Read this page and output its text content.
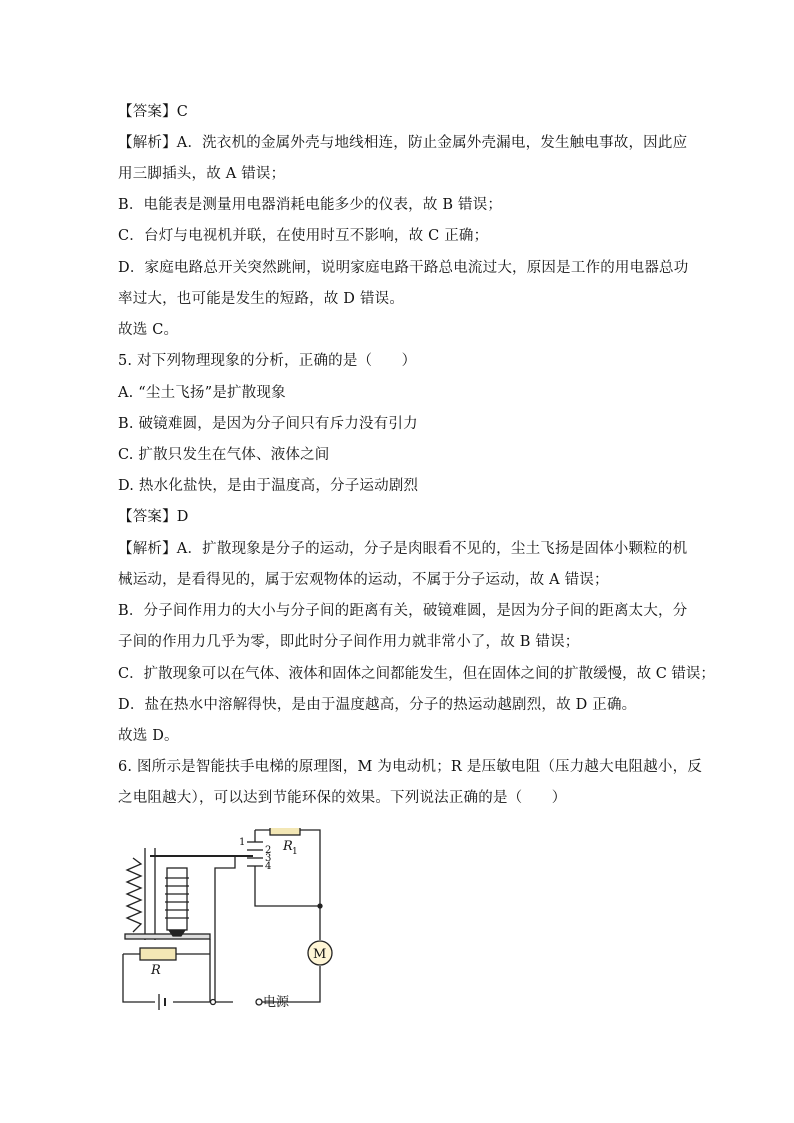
【答案】C
【解析】A．洗衣机的金属外壳与地线相连，防止金属外壳漏电，发生触电事故，因此应
用三脚插头，故 A 错误；
B．电能表是测量用电器消耗电能多少的仪表，故 B 错误；
C．台灯与电视机并联，在使用时互不影响，故 C 正确；
D．家庭电路总开关突然跳闸，说明家庭电路干路总电流过大，原因是工作的用电器总功
率过大，也可能是发生的短路，故 D 错误。
故选 C。
5. 对下列物理现象的分析，正确的是（　　）
A. “尘土飞扬”是扩散现象
B. 破镜难圆，是因为分子间只有斥力没有引力
C. 扩散只发生在气体、液体之间
D. 热水化盐快，是由于温度高，分子运动剧烈
【答案】D
【解析】A．扩散现象是分子的运动，分子是肉眼看不见的，尘土飞扬是固体小颗粒的机
械运动，是看得见的，属于宏观物体的运动，不属于分子运动，故 A 错误；
B．分子间作用力的大小与分子间的距离有关，破镜难圆，是因为分子间的距离太大，分
子间的作用力几乎为零，即此时分子间作用力就非常小了，故 B 错误；
C．扩散现象可以在气体、液体和固体之间都能发生，但在固体之间的扩散缓慢，故 C 错误；
D．盐在热水中溶解得快，是由于温度越高，分子的热运动越剧烈，故 D 正确。
故选 D。
6. 图所示是智能扶手电梯的原理图，M 为电动机；R 是压敏电阻（压力越大电阻越小，反
之电阻越大），可以达到节能环保的效果。下列说法正确的是（　　）
R 1
R
M
1
2
3
4
电源
